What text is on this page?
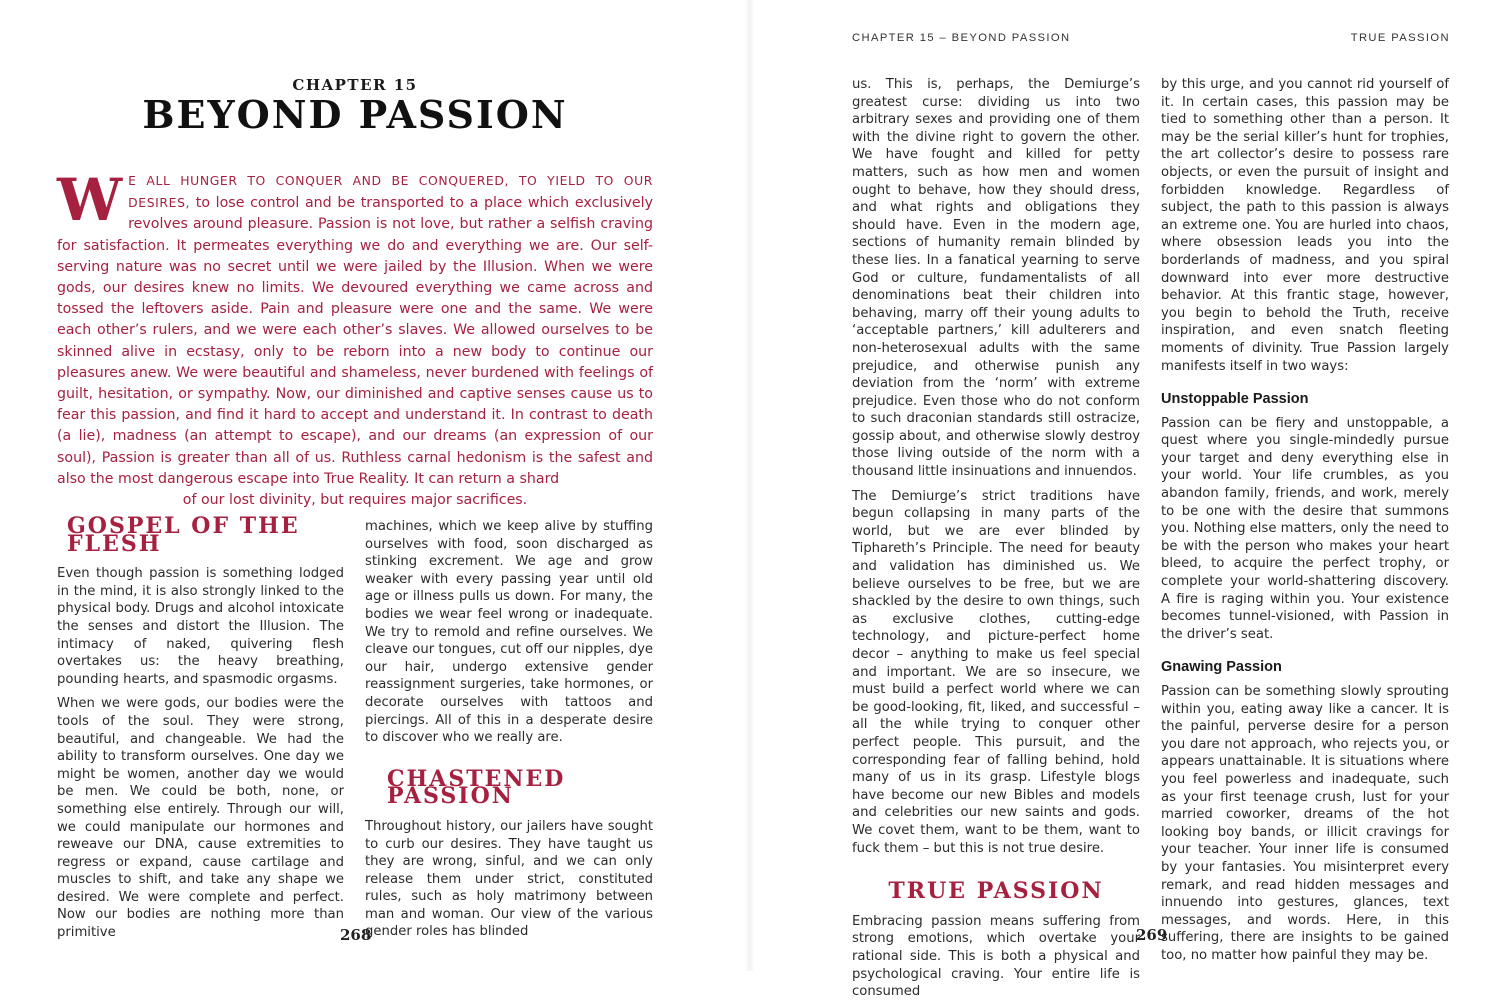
CHAPTER 15
BEYOND PASSION
W E ALL HUNGER TO CONQUER AND BE CONQUERED, TO YIELD TO OUR DESIRES, to lose control and be transported to a place which exclusively revolves around pleasure. Passion is not love, but rather a selfish craving for satisfaction. It permeates everything we do and everything we are. Our self-serving nature was no secret until we were jailed by the Illusion. When we were gods, our desires knew no limits. We devoured everything we came across and tossed the leftovers aside. Pain and pleasure were one and the same. We were each other’s rulers, and we were each other’s slaves. We allowed ourselves to be skinned alive in ecstasy, only to be reborn into a new body to continue our pleasures anew. We were beautiful and shameless, never burdened with feelings of guilt, hesitation, or sympathy. Now, our diminished and captive senses cause us to fear this passion, and find it hard to accept and understand it. In contrast to death (a lie), madness (an attempt to escape), and our dreams (an expression of our soul), Passion is greater than all of us. Ruthless carnal hedonism is the safest and also the most dangerous escape into True Reality. It can return a shard
of our lost divinity, but requires major sacrifices.
GOSPEL OF THE FLESH

Even though passion is something lodged in the mind, it is also strongly linked to the physical body. Drugs and alcohol intoxicate the senses and distort the Illusion. The intimacy of naked, quivering flesh overtakes us: the heavy breathing, pounding hearts, and spasmodic orgasms.

When we were gods, our bodies were the tools of the soul. They were strong, beautiful, and changeable. We had the ability to transform ourselves. One day we might be women, another day we would be men. We could be both, none, or something else entirely. Through our will, we could manipulate our hormones and reweave our DNA, cause extremities to regress or expand, cause cartilage and muscles to shift, and take any shape we desired. We were complete and perfect. Now our bodies are nothing more than primitive

machines, which we keep alive by stuffing ourselves with food, soon discharged as stinking excrement. We age and grow weaker with every passing year until old age or illness pulls us down. For many, the bodies we wear feel wrong or inadequate. We try to remold and refine ourselves. We cleave our tongues, cut off our nipples, dye our hair, undergo extensive gender reassignment surgeries, take hormones, or decorate ourselves with tattoos and piercings. All of this in a desperate desire to discover who we really are.

CHASTENED PASSION

Throughout history, our jailers have sought to curb our desires. They have taught us they are wrong, sinful, and we can only release them under strict, constituted rules, such as holy matrimony between man and woman. Our view of the various gender roles has blinded

268
CHAPTER 15 – BEYOND PASSION	TRUE PASSION

us. This is, perhaps, the Demiurge’s greatest curse: dividing us into two arbitrary sexes and providing one of them with the divine right to govern the other. We have fought and killed for petty matters, such as how men and women ought to behave, how they should dress, and what rights and obligations they should have. Even in the modern age, sections of humanity remain blinded by these lies. In a fanatical yearning to serve God or culture, fundamentalists of all denominations beat their children into behaving, marry off their young adults to ‘acceptable partners,’ kill adulterers and non-heterosexual adults with the same prejudice, and otherwise punish any deviation from the ‘norm’ with extreme prejudice. Even those who do not conform to such draconian standards still ostracize, gossip about, and otherwise slowly destroy those living outside of the norm with a thousand little insinuations and innuendos.

The Demiurge’s strict traditions have begun collapsing in many parts of the world, but we are ever blinded by Tiphareth’s Principle. The need for beauty and validation has diminished us. We believe ourselves to be free, but we are shackled by the desire to own things, such as exclusive clothes, cutting-edge technology, and picture-perfect home decor – anything to make us feel special and important. We are so insecure, we must build a perfect world where we can be good-looking, fit, liked, and successful – all the while trying to conquer other perfect people. This pursuit, and the corresponding fear of falling behind, hold many of us in its grasp. Lifestyle blogs have become our new Bibles and models and celebrities our new saints and gods. We covet them, want to be them, want to fuck them – but this is not true desire.

TRUE PASSION

Embracing passion means suffering from strong emotions, which overtake your rational side. This is both a physical and psychological craving. Your entire life is consumed

by this urge, and you cannot rid yourself of it. In certain cases, this passion may be tied to something other than a person. It may be the serial killer’s hunt for trophies, the art collector’s desire to possess rare objects, or even the pursuit of insight and forbidden knowledge. Regardless of subject, the path to this passion is always an extreme one. You are hurled into chaos, where obsession leads you into the borderlands of madness, and you spiral downward into ever more destructive behavior. At this frantic stage, however, you begin to behold the Truth, receive inspiration, and even snatch fleeting moments of divinity. True Passion largely manifests itself in two ways:

Unstoppable Passion

Passion can be fiery and unstoppable, a quest where you single-mindedly pursue your target and deny everything else in your world. Your life crumbles, as you abandon family, friends, and work, merely to be one with the desire that summons you. Nothing else matters, only the need to be with the person who makes your heart bleed, to acquire the perfect trophy, or complete your world-shattering discovery. A fire is raging within you. Your existence becomes tunnel-visioned, with Passion in the driver’s seat.

Gnawing Passion

Passion can be something slowly sprouting within you, eating away like a cancer. It is the painful, perverse desire for a person you dare not approach, who rejects you, or appears unattainable. It is situations where you feel powerless and inadequate, such as your first teenage crush, lust for your married coworker, dreams of the hot looking boy bands, or illicit cravings for your teacher. Your inner life is consumed by your fantasies. You misinterpret every remark, and read hidden messages and innuendo into gestures, glances, text messages, and words. Here, in this suffering, there are insights to be gained too, no matter how painful they may be.

269
